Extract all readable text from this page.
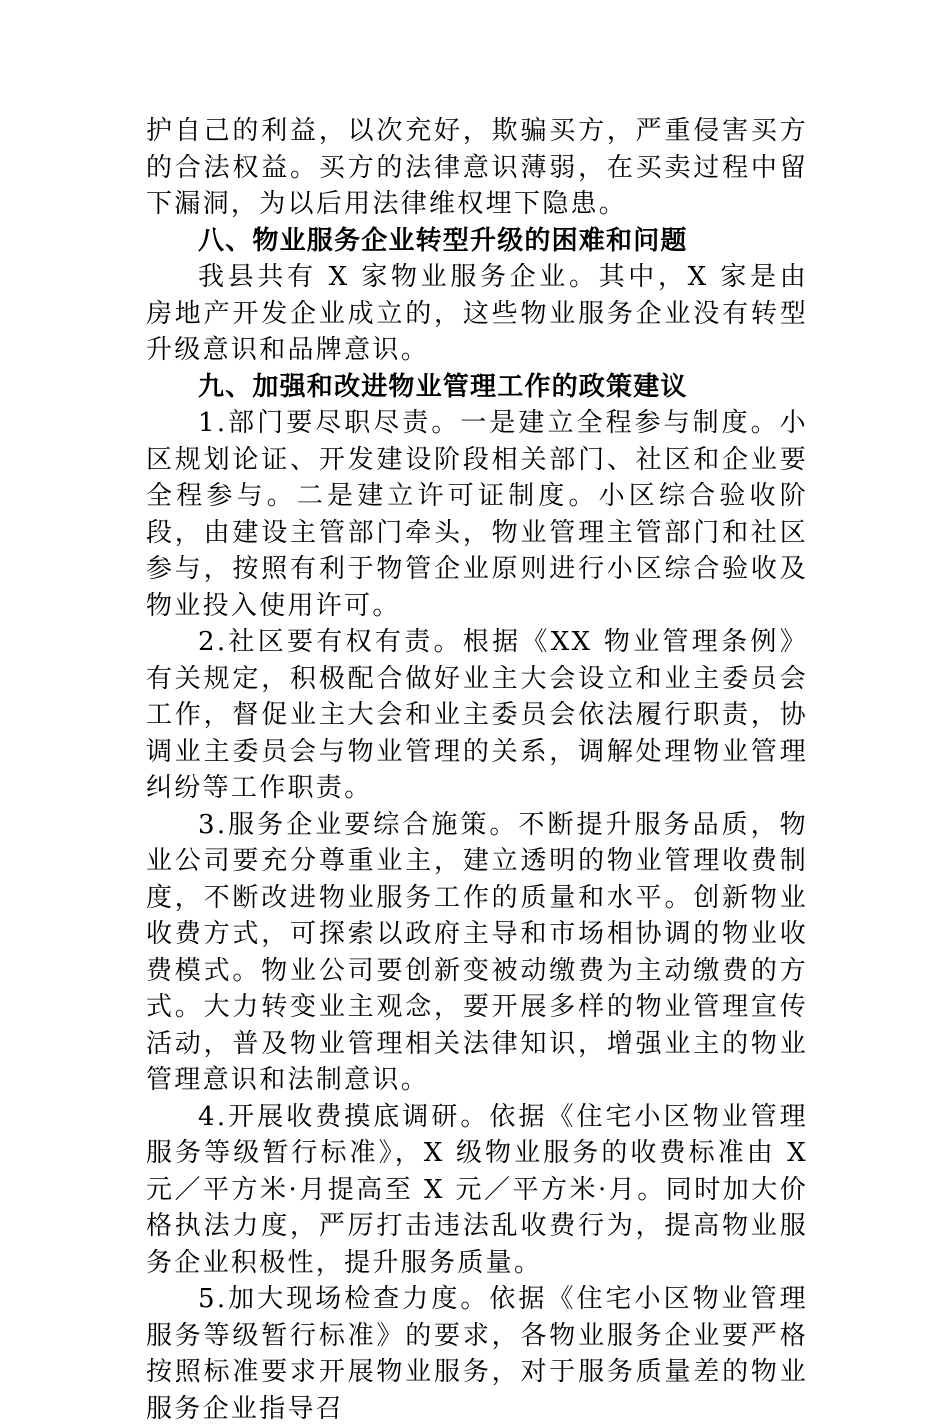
护自己的利益，以次充好，欺骗买方，严重侵害买方的合法权益。买方的法律意识薄弱，在买卖过程中留下漏洞，为以后用法律维权埋下隐患。

八、物业服务企业转型升级的困难和问题

我县共有 X 家物业服务企业。其中，X 家是由房地产开发企业成立的，这些物业服务企业没有转型升级意识和品牌意识。

九、加强和改进物业管理工作的政策建议

1.部门要尽职尽责。一是建立全程参与制度。小区规划论证、开发建设阶段相关部门、社区和企业要全程参与。二是建立许可证制度。小区综合验收阶段，由建设主管部门牵头，物业管理主管部门和社区参与，按照有利于物管企业原则进行小区综合验收及物业投入使用许可。

2.社区要有权有责。根据《XX 物业管理条例》有关规定，积极配合做好业主大会设立和业主委员会工作，督促业主大会和业主委员会依法履行职责，协调业主委员会与物业管理的关系，调解处理物业管理纠纷等工作职责。

3.服务企业要综合施策。不断提升服务品质，物业公司要充分尊重业主，建立透明的物业管理收费制度，不断改进物业服务工作的质量和水平。创新物业收费方式，可探索以政府主导和市场相协调的物业收费模式。物业公司要创新变被动缴费为主动缴费的方式。大力转变业主观念，要开展多样的物业管理宣传活动，普及物业管理相关法律知识，增强业主的物业管理意识和法制意识。

4.开展收费摸底调研。依据《住宅小区物业管理服务等级暂行标准》，X 级物业服务的收费标准由 X 元／平方米·月提高至 X 元／平方米·月。同时加大价格执法力度，严厉打击违法乱收费行为，提高物业服务企业积极性，提升服务质量。

5.加大现场检查力度。依据《住宅小区物业管理服务等级暂行标准》的要求，各物业服务企业要严格按照标准要求开展物业服务，对于服务质量差的物业服务企业指导召
